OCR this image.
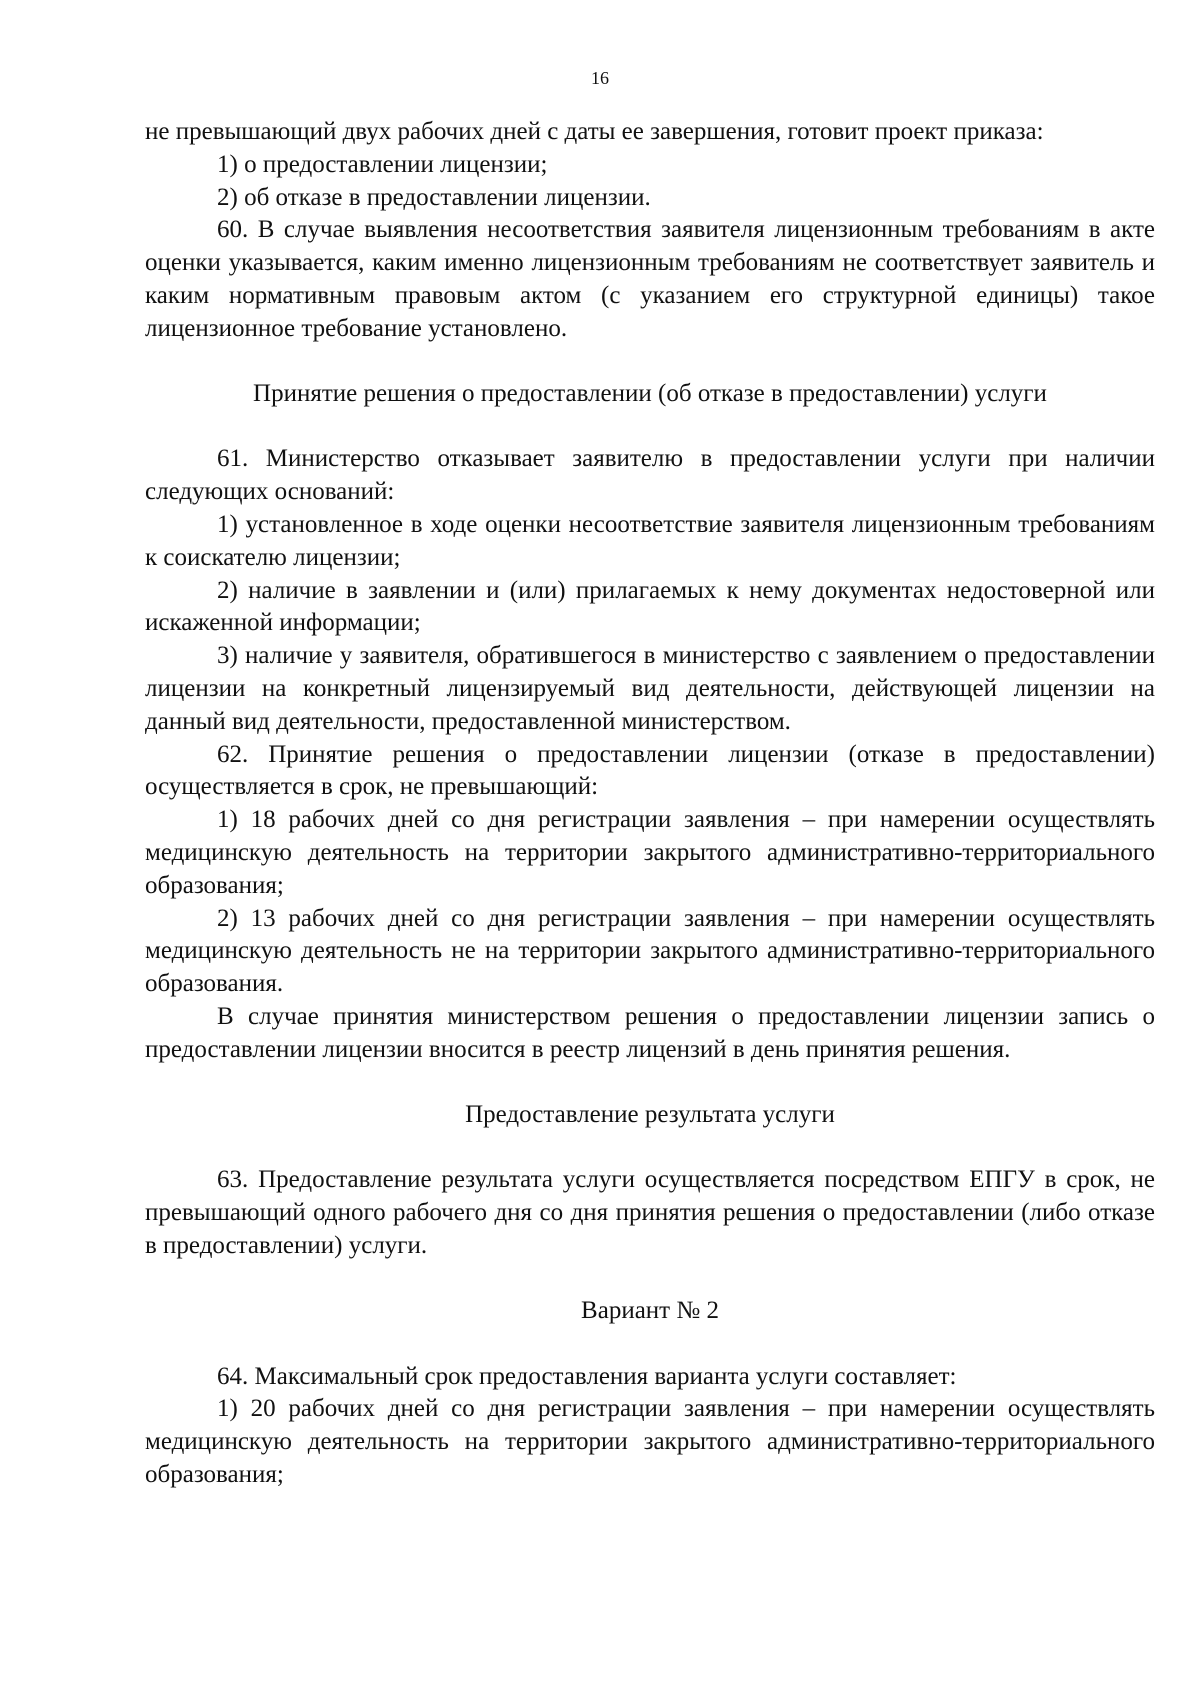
16

не превышающий двух рабочих дней с даты ее завершения, готовит проект приказа:

1) о предоставлении лицензии;

2) об отказе в предоставлении лицензии.

60. В случае выявления несоответствия заявителя лицензионным требованиям в акте оценки указывается, каким именно лицензионным требованиям не соответствует заявитель и каким нормативным правовым актом (с указанием его структурной единицы) такое лицензионное требование установлено.

Принятие решения о предоставлении (об отказе в предоставлении) услуги

61. Министерство отказывает заявителю в предоставлении услуги при наличии следующих оснований:

1) установленное в ходе оценки несоответствие заявителя лицензионным требованиям к соискателю лицензии;

2) наличие в заявлении и (или) прилагаемых к нему документах недостоверной или искаженной информации;

3) наличие у заявителя, обратившегося в министерство с заявлением о предоставлении лицензии на конкретный лицензируемый вид деятельности, действующей лицензии на данный вид деятельности, предоставленной министерством.

62. Принятие решения о предоставлении лицензии (отказе в предоставлении) осуществляется в срок, не превышающий:

1) 18 рабочих дней со дня регистрации заявления – при намерении осуществлять медицинскую деятельность на территории закрытого административно-территориального образования;

2) 13 рабочих дней со дня регистрации заявления – при намерении осуществлять медицинскую деятельность не на территории закрытого административно-территориального образования.

В случае принятия министерством решения о предоставлении лицензии запись о предоставлении лицензии вносится в реестр лицензий в день принятия решения.

Предоставление результата услуги

63. Предоставление результата услуги осуществляется посредством ЕПГУ в срок, не превышающий одного рабочего дня со дня принятия решения о предоставлении (либо отказе в предоставлении) услуги.

Вариант № 2

64. Максимальный срок предоставления варианта услуги составляет:

1) 20 рабочих дней со дня регистрации заявления – при намерении осуществлять медицинскую деятельность на территории закрытого административно-территориального образования;
